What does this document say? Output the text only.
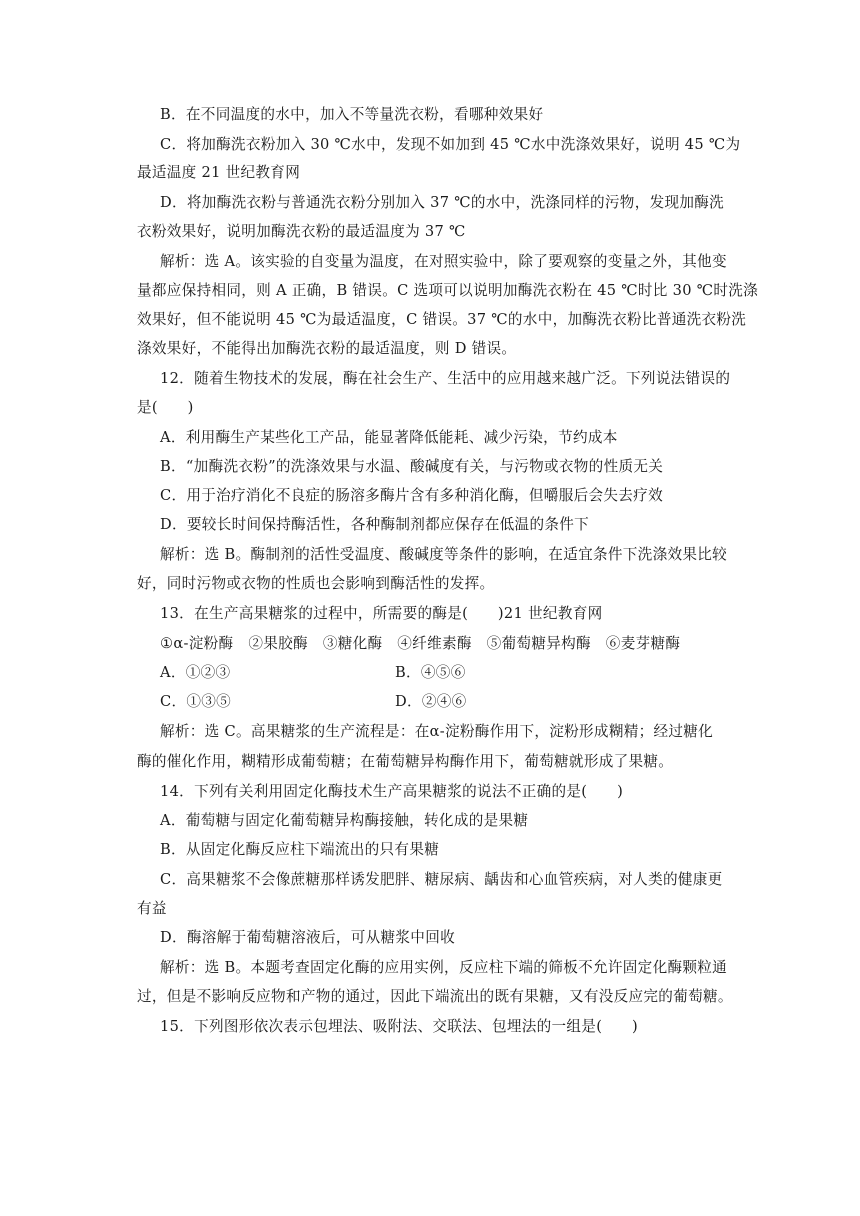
B．在不同温度的水中，加入不等量洗衣粉，看哪种效果好
C．将加酶洗衣粉加入 30 ℃水中，发现不如加到 45 ℃水中洗涤效果好，说明 45 ℃为
最适温度 21 世纪教育网
D．将加酶洗衣粉与普通洗衣粉分别加入 37 ℃的水中，洗涤同样的污物，发现加酶洗
衣粉效果好，说明加酶洗衣粉的最适温度为 37 ℃
解析：选 A。该实验的自变量为温度，在对照实验中，除了要观察的变量之外，其他变
量都应保持相同，则 A 正确，B 错误。C 选项可以说明加酶洗衣粉在 45 ℃时比 30 ℃时洗涤
效果好，但不能说明 45 ℃为最适温度，C 错误。37 ℃的水中，加酶洗衣粉比普通洗衣粉洗
涤效果好，不能得出加酶洗衣粉的最适温度，则 D 错误。
12．随着生物技术的发展，酶在社会生产、生活中的应用越来越广泛。下列说法错误的
是(　　)
A．利用酶生产某些化工产品，能显著降低能耗、减少污染，节约成本
B．“加酶洗衣粉”的洗涤效果与水温、酸碱度有关，与污物或衣物的性质无关
C．用于治疗消化不良症的肠溶多酶片含有多种消化酶，但嚼服后会失去疗效
D．要较长时间保持酶活性，各种酶制剂都应保存在低温的条件下
解析：选 B。酶制剂的活性受温度、酸碱度等条件的影响，在适宜条件下洗涤效果比较
好，同时污物或衣物的性质也会影响到酶活性的发挥。
13．在生产高果糖浆的过程中，所需要的酶是(　　)21 世纪教育网
①α-淀粉酶　②果胶酶　③糖化酶　④纤维素酶　⑤葡萄糖异构酶　⑥麦芽糖酶
A．①②③	B．④⑤⑥
C．①③⑤	D．②④⑥
解析：选 C。高果糖浆的生产流程是：在α-淀粉酶作用下，淀粉形成糊精；经过糖化
酶的催化作用，糊精形成葡萄糖；在葡萄糖异构酶作用下，葡萄糖就形成了果糖。
14．下列有关利用固定化酶技术生产高果糖浆的说法不正确的是(　　)
A．葡萄糖与固定化葡萄糖异构酶接触，转化成的是果糖
B．从固定化酶反应柱下端流出的只有果糖
C．高果糖浆不会像蔗糖那样诱发肥胖、糖尿病、龋齿和心血管疾病，对人类的健康更
有益
D．酶溶解于葡萄糖溶液后，可从糖浆中回收
解析：选 B。本题考查固定化酶的应用实例，反应柱下端的筛板不允许固定化酶颗粒通
过，但是不影响反应物和产物的通过，因此下端流出的既有果糖，又有没反应完的葡萄糖。
15．下列图形依次表示包埋法、吸附法、交联法、包埋法的一组是(　　)
